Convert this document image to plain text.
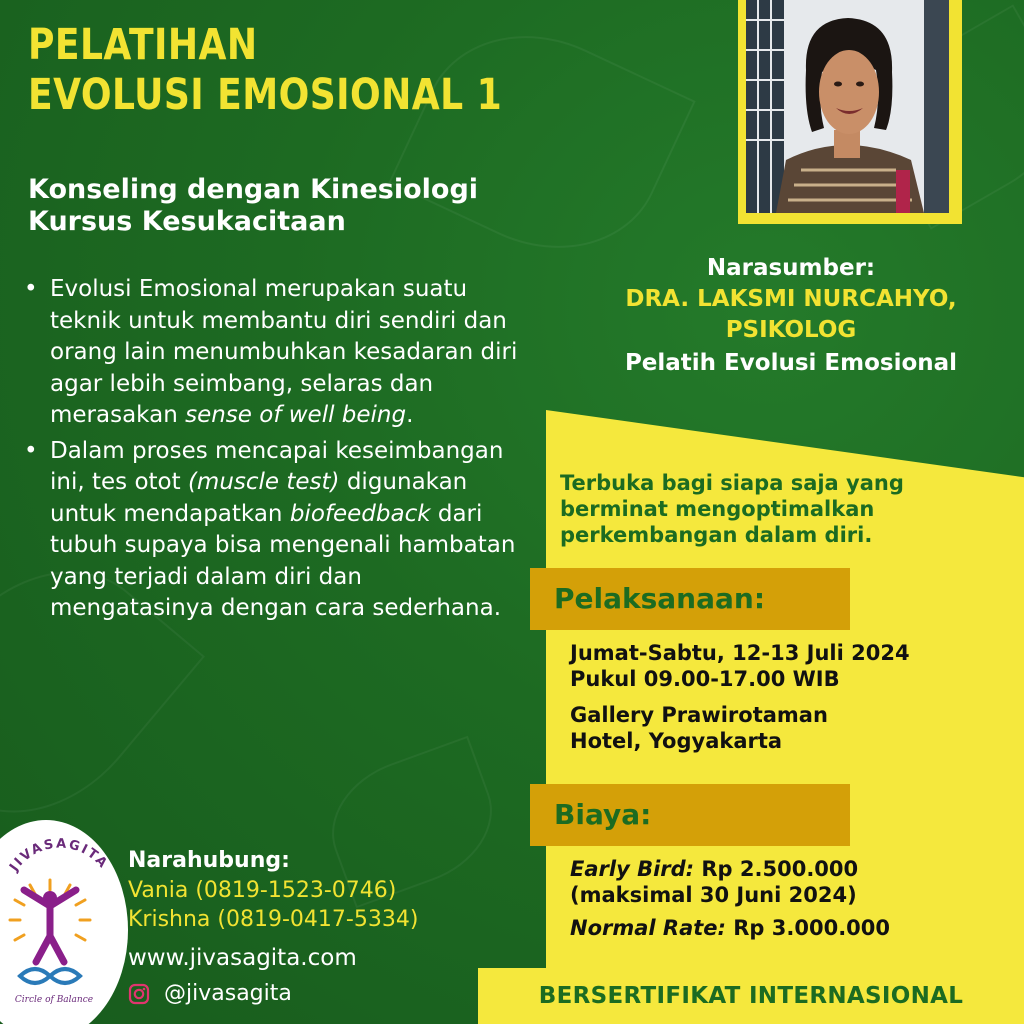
PELATIHAN
EVOLUSI EMOSIONAL 1
Konseling dengan Kinesiologi
Kursus Kesukacitaan
• Evolusi Emosional merupakan suatu teknik untuk membantu diri sendiri dan orang lain menumbuhkan kesadaran diri agar lebih seimbang, selaras dan merasakan sense of well being.
• Dalam proses mencapai keseimbangan ini, tes otot (muscle test) digunakan untuk mendapatkan biofeedback dari tubuh supaya bisa mengenali hambatan yang terjadi dalam diri dan mengatasinya dengan cara sederhana.
Narasumber:
DRA. LAKSMI NURCAHYO,
PSIKOLOG
Pelatih Evolusi Emosional
Terbuka bagi siapa saja yang
berminat mengoptimalkan
perkembangan dalam diri.
Pelaksanaan:
Jumat-Sabtu, 12-13 Juli 2024
Pukul 09.00-17.00 WIB
Gallery Prawirotaman
Hotel, Yogyakarta
Biaya:
Early Bird: Rp 2.500.000
(maksimal 30 Juni 2024)
Normal Rate: Rp 3.000.000
BERSERTIFIKAT INTERNASIONAL
JIVASAGITA
Circle of Balance
Narahubung:
Vania (0819-1523-0746)
Krishna (0819-0417-5334)
www.jivasagita.com
@jivasagita
